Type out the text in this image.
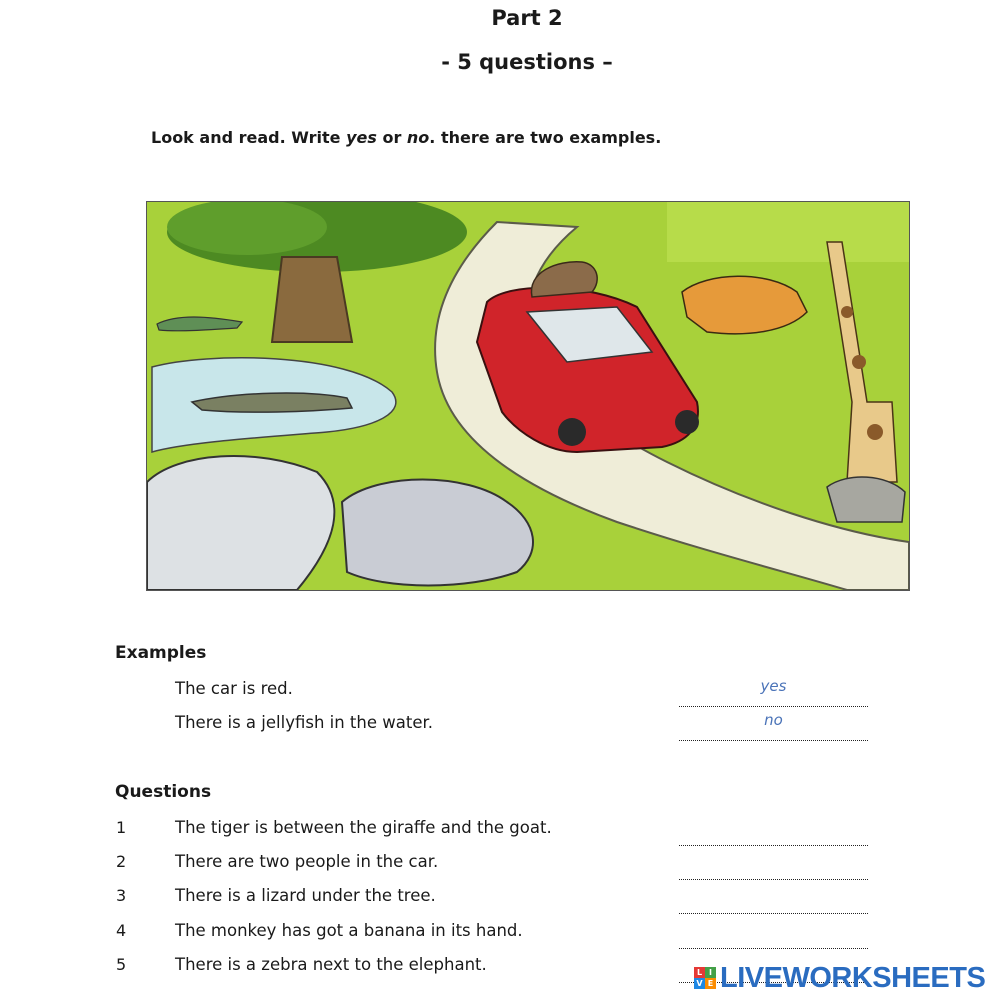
Part 2
- 5 questions –
Look and read. Write yes or no. there are two examples.
Examples
The car is red.	yes
There is a jellyfish in the water.	no
Questions
1	The tiger is between the giraffe and the goat.
2	There are two people in the car.
3	There is a lizard under the tree.
4	The monkey has got a banana in its hand.
5	There is a zebra next to the elephant.	L I
V E LIVEWORKSHEETS
